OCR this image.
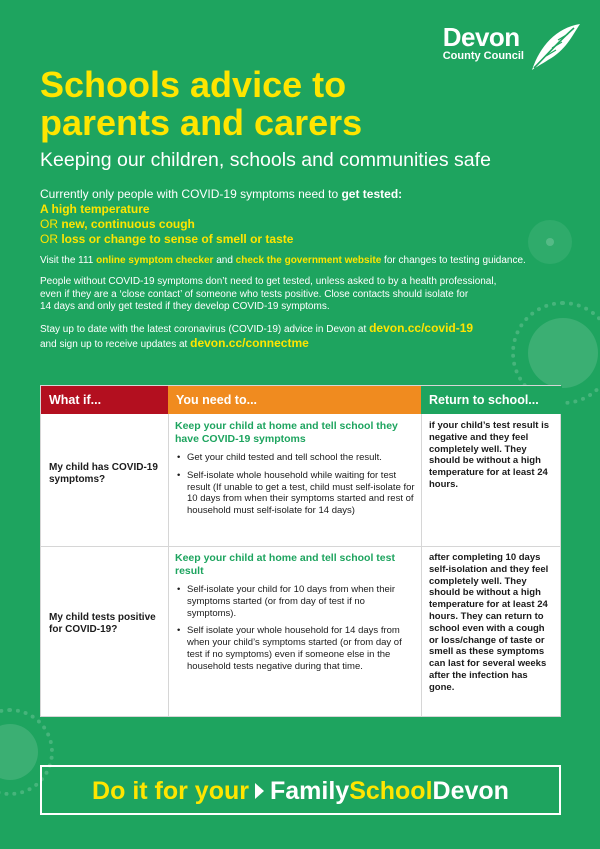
Devon
County Council
Schools advice to
parents and carers
Keeping our children, schools and communities safe
Currently only people with COVID-19 symptoms need to get tested:
A high temperature
OR new, continuous cough
OR loss or change to sense of smell or taste
Visit the 111 online symptom checker and check the government website for changes to testing guidance.
People without COVID-19 symptoms don’t need to get tested, unless asked to by a health professional,
even if they are a ‘close contact’ of someone who tests positive. Close contacts should isolate for
14 days and only get tested if they develop COVID-19 symptoms.
Stay up to date with the latest coronavirus (COVID-19) advice in Devon at devon.cc/covid-19
and sign up to receive updates at devon.cc/connectme
What if...	You need to...	Return to school...
My child has COVID-19 symptoms?
Keep your child at home and tell school they have COVID-19 symptoms
• Get your child tested and tell school the result.
• Self-isolate whole household while waiting for test result (If unable to get a test, child must self-isolate for 10 days from when their symptoms started and rest of household must self-isolate for 14 days)
if your child’s test result is negative and they feel completely well. They should be without a high temperature for at least 24 hours.
My child tests positive for COVID-19?
Keep your child at home and tell school test result
• Self-isolate your child for 10 days from when their symptoms started (or from day of test if no symptoms).
• Self isolate your whole household for 14 days from when your child’s symptoms started (or from day of test if no symptoms) even if someone else in the household tests negative during that time.
after completing 10 days self-isolation and they feel completely well. They should be without a high temperature for at least 24 hours. They can return to school even with a cough or loss/change of taste or smell as these symptoms can last for several weeks after the infection has gone.
Do it for your FamilySchoolDevon
